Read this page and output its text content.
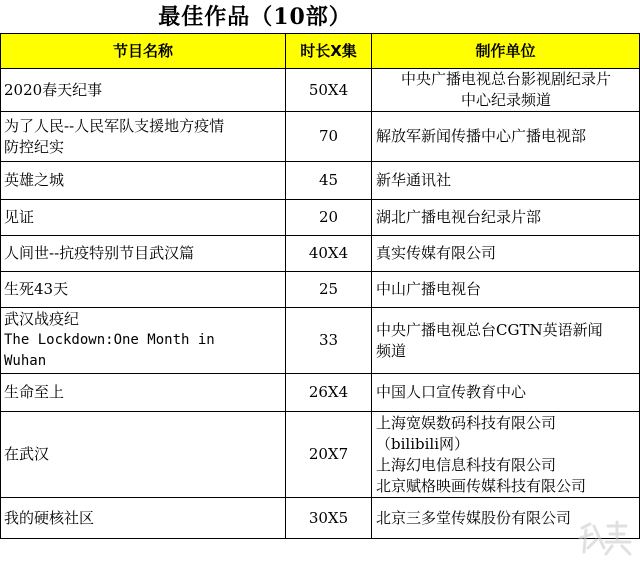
最佳作品（10部）
节目名称	时长X集	制作单位

2020春天纪事	50X4	中央广播电视总台影视剧纪录片
中心纪录频道

为了人民--人民军队支援地方疫情
防控纪实	70	解放军新闻传播中心广播电视部

英雄之城	45	新华通讯社

见证	20	湖北广播电视台纪录片部

人间世--抗疫特别节目武汉篇	40X4	真实传媒有限公司

生死43天	25	中山广播电视台

武汉战疫纪
The Lockdown:One Month in
Wuhan	33	中央广播电视总台CGTN英语新闻
频道

生命至上	26X4	中国人口宣传教育中心

在武汉	20X7	上海宽娱数码科技有限公司
（bilibili网）
上海幻电信息科技有限公司
北京赋格映画传媒科技有限公司

我的硬核社区	30X5	北京三多堂传媒股份有限公司
